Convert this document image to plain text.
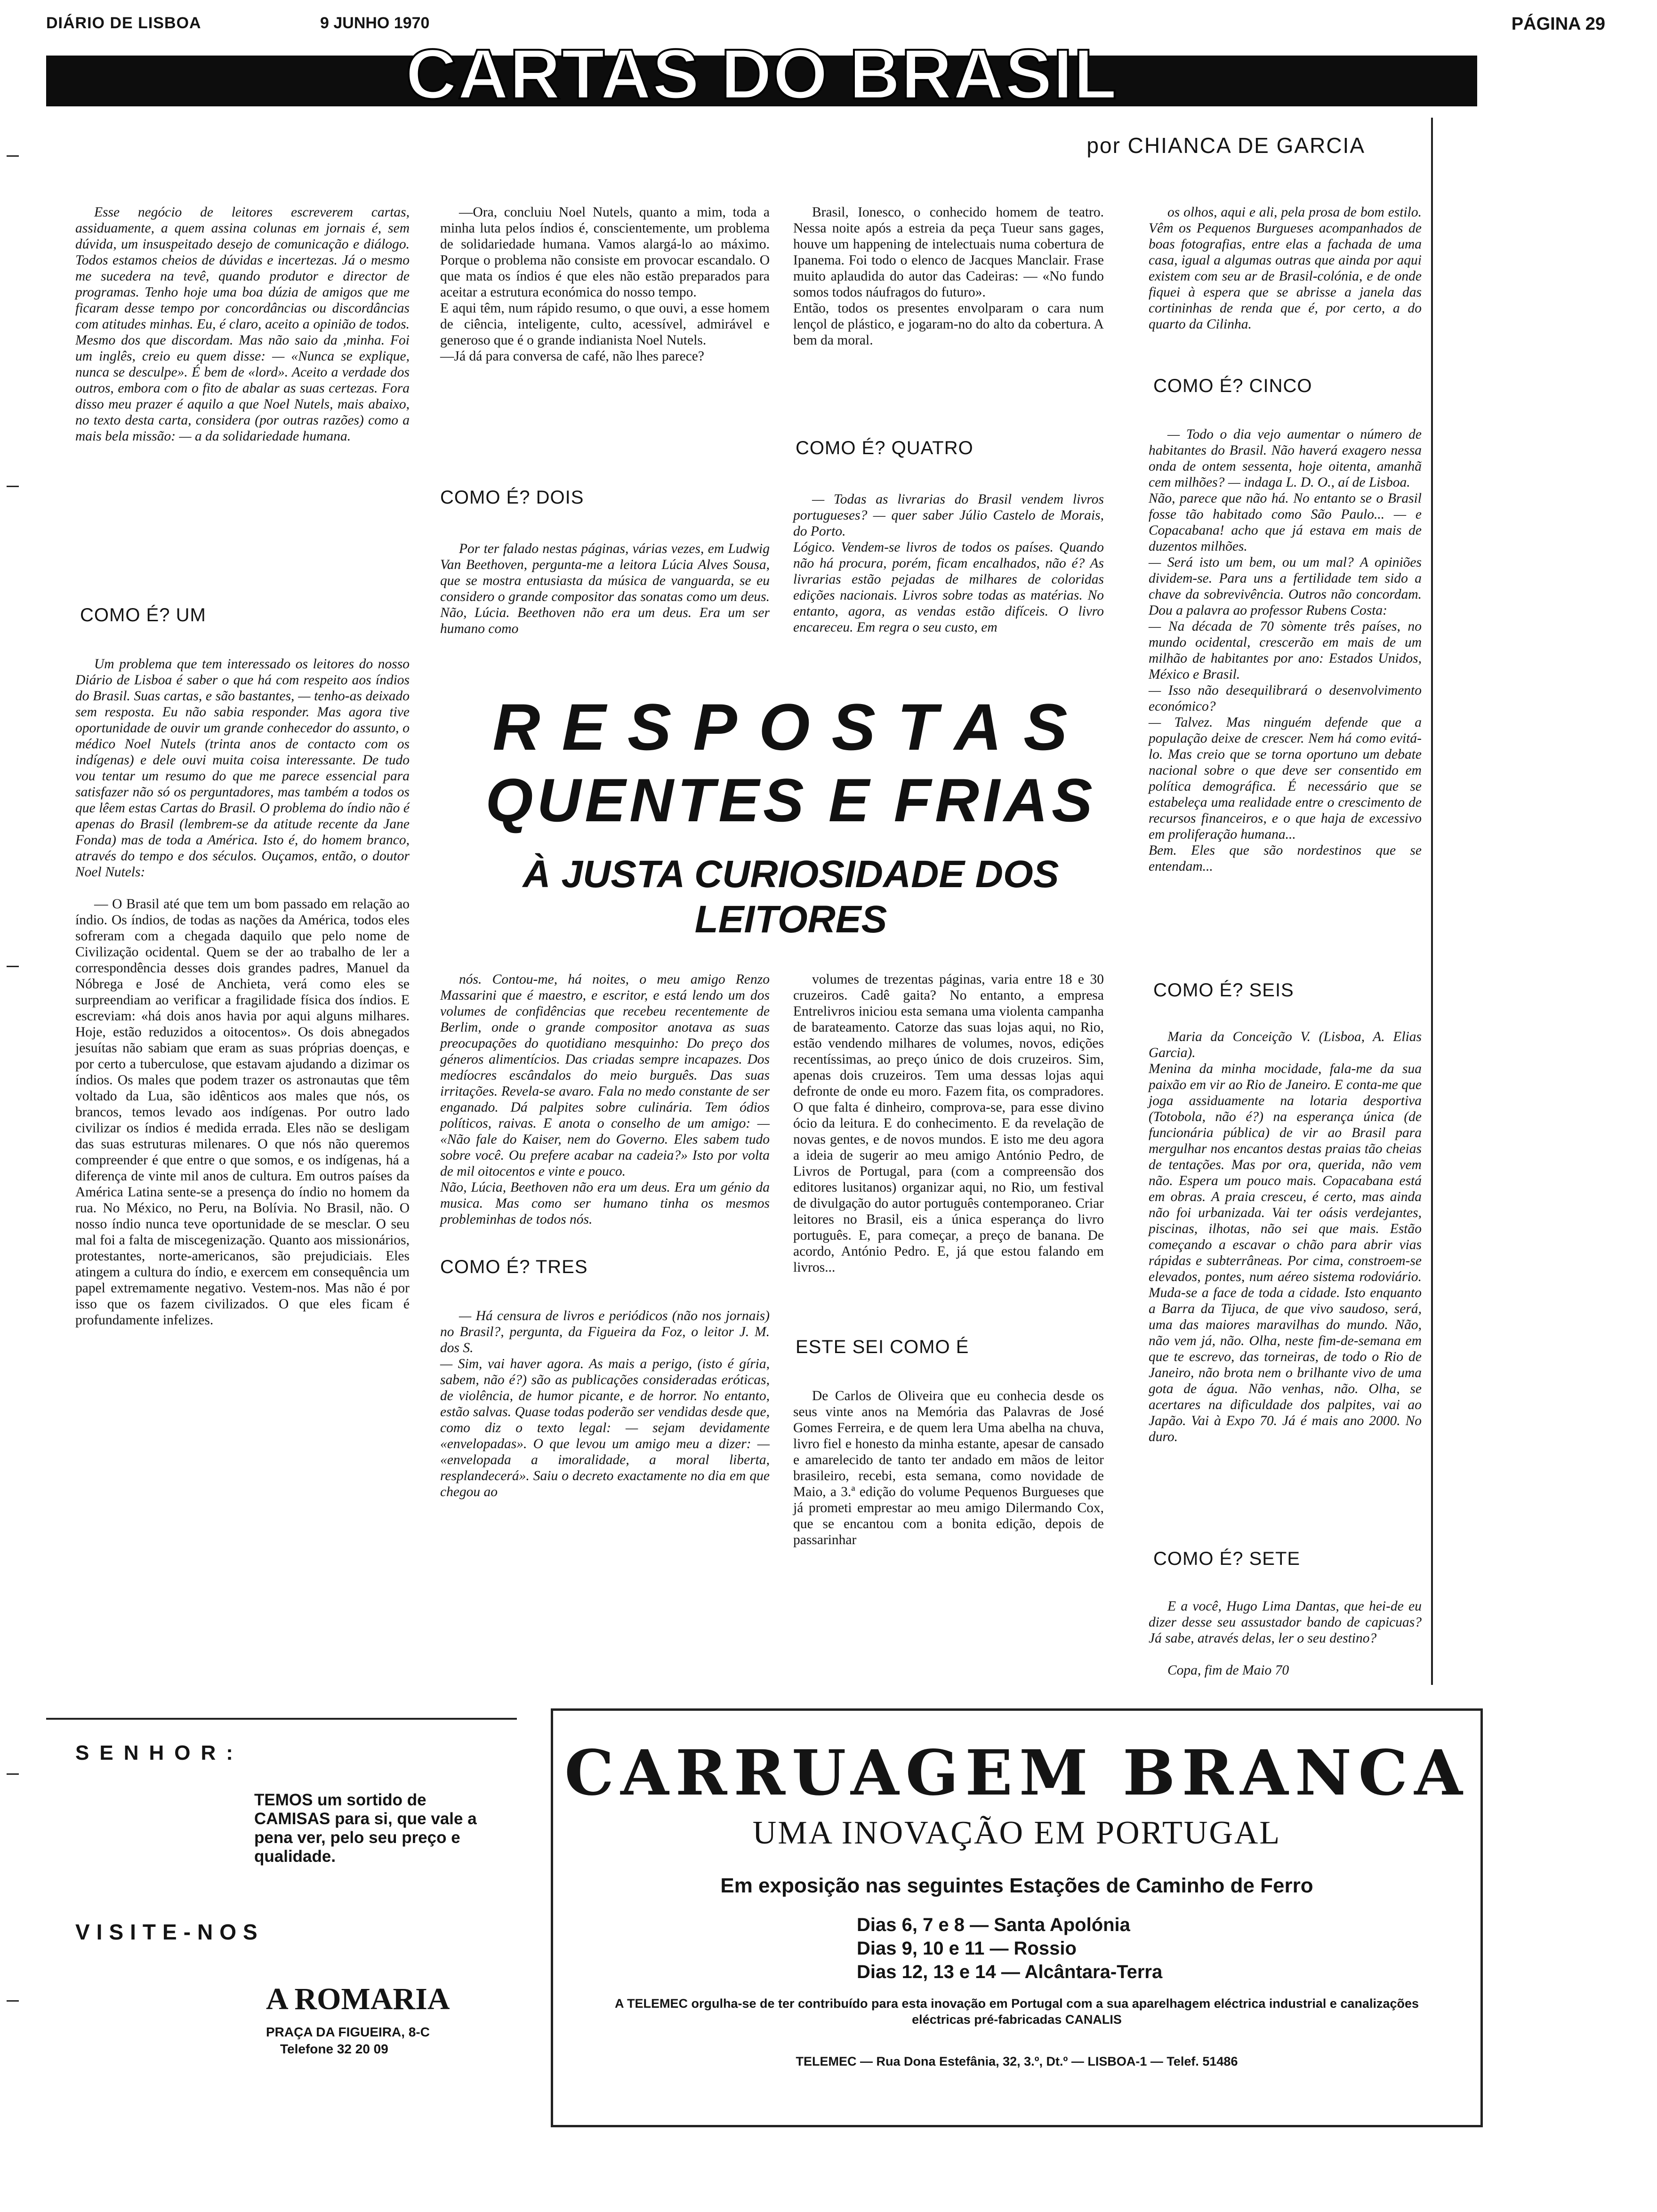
DIÁRIO DE LISBOA	9 JUNHO 1970	PÁGINA 29
CARTAS DO BRASIL
por CHIANCA DE GARCIA

Esse negócio de leitores escreverem cartas, assiduamente, a quem assina colunas em jornais é, sem dúvida, um insuspeitado desejo de comunicação e diálogo. Todos estamos cheios de dúvidas e incertezas. Já o mesmo me sucedera na tevê, quando produtor e director de programas. Tenho hoje uma boa dúzia de amigos que me ficaram desse tempo por concordâncias ou discordâncias com atitudes minhas. Eu, é claro, aceito a opinião de todos. Mesmo dos que discordam. Mas não saio da ,minha. Foi um inglês, creio eu quem disse: — «Nunca se explique, nunca se desculpe». É bem de «lord». Aceito a verdade dos outros, embora com o fito de abalar as suas certezas. Fora disso meu prazer é aquilo a que Noel Nutels, mais abaixo, no texto desta carta, considera (por outras razões) como a mais bela missão: — a da solidariedade humana.

COMO É? UM

Um problema que tem interessado os leitores do nosso Diário de Lisboa é saber o que há com respeito aos índios do Brasil. Suas cartas, e são bastantes, — tenho-as deixado sem resposta. Eu não sabia responder. Mas agora tive oportunidade de ouvir um grande conhecedor do assunto, o médico Noel Nutels (trinta anos de contacto com os indígenas) e dele ouvi muita coisa interessante. De tudo vou tentar um resumo do que me parece essencial para satisfazer não só os perguntadores, mas também a todos os que lêem estas Cartas do Brasil. O problema do índio não é apenas do Brasil (lembrem-se da atitude recente da Jane Fonda) mas de toda a América. Isto é, do homem branco, através do tempo e dos séculos. Ouçamos, então, o doutor Noel Nutels:

— O Brasil até que tem um bom passado em relação ao índio. Os índios, de todas as nações da América, todos eles sofreram com a chegada daquilo que pelo nome de Civilização ocidental. Quem se der ao trabalho de ler a correspondência desses dois grandes padres, Manuel da Nóbrega e José de Anchieta, verá como eles se surpreendiam ao verificar a fragilidade física dos índios. E escreviam: «há dois anos havia por aqui alguns milhares. Hoje, estão reduzidos a oitocentos». Os dois abnegados jesuítas não sabiam que eram as suas próprias doenças, e por certo a tuberculose, que estavam ajudando a dizimar os índios. Os males que podem trazer os astronautas que têm voltado da Lua, são idênticos aos males que nós, os brancos, temos levado aos indígenas. Por outro lado civilizar os índios é medida errada. Eles não se desligam das suas estruturas milenares. O que nós não queremos compreender é que entre o que somos, e os indígenas, há a diferença de vinte mil anos de cultura. Em outros países da América Latina sente-se a presença do índio no homem da rua. No México, no Peru, na Bolívia. No Brasil, não. O nosso índio nunca teve oportunidade de se mesclar. O seu mal foi a falta de miscegenização. Quanto aos missionários, protestantes, norte-americanos, são prejudiciais. Eles atingem a cultura do índio, e exercem em consequência um papel extremamente negativo. Vestem-nos. Mas não é por isso que os fazem civilizados. O que eles ficam é profundamente infelizes.

—Ora, concluiu Noel Nutels, quanto a mim, toda a minha luta pelos índios é, conscientemente, um problema de solidariedade humana. Vamos alargá-lo ao máximo. Porque o problema não consiste em provocar escandalo. O que mata os índios é que eles não estão preparados para aceitar a estrutura económica do nosso tempo.
E aqui têm, num rápido resumo, o que ouvi, a esse homem de ciência, inteligente, culto, acessível, admirável e generoso que é o grande indianista Noel Nutels.
—Já dá para conversa de café, não lhes parece?

COMO É? DOIS

Por ter falado nestas páginas, várias vezes, em Ludwig Van Beethoven, pergunta-me a leitora Lúcia Alves Sousa, que se mostra entusiasta da música de vanguarda, se eu considero o grande compositor das sonatas como um deus. Não, Lúcia. Beethoven não era um deus. Era um ser humano como

Brasil, Ionesco, o conhecido homem de teatro. Nessa noite após a estreia da peça Tueur sans gages, houve um happening de intelectuais numa cobertura de Ipanema. Foi todo o elenco de Jacques Manclair. Frase muito aplaudida do autor das Cadeiras: — «No fundo somos todos náufragos do futuro».
Então, todos os presentes envolparam o cara num lençol de plástico, e jogaram-no do alto da cobertura. A bem da moral.

COMO É? QUATRO

— Todas as livrarias do Brasil vendem livros portugueses? — quer saber Júlio Castelo de Morais, do Porto.
Lógico. Vendem-se livros de todos os países. Quando não há procura, porém, ficam encalhados, não é? As livrarias estão pejadas de milhares de coloridas edições nacionais. Livros sobre todas as matérias. No entanto, agora, as vendas estão difíceis. O livro encareceu. Em regra o seu custo, em

os olhos, aqui e ali, pela prosa de bom estilo. Vêm os Pequenos Burgueses acompanhados de boas fotografias, entre elas a fachada de uma casa, igual a algumas outras que ainda por aqui existem com seu ar de Brasil-colónia, e de onde fiquei à espera que se abrisse a janela das cortininhas de renda que é, por certo, a do quarto da Cilinha.

COMO É? CINCO

— Todo o dia vejo aumentar o número de habitantes do Brasil. Não haverá exagero nessa onda de ontem sessenta, hoje oitenta, amanhã cem milhões? — indaga L. D. O., aí de Lisboa.
Não, parece que não há. No entanto se o Brasil fosse tão habitado como São Paulo... — e Copacabana! acho que já estava em mais de duzentos milhões.
— Será isto um bem, ou um mal? A opiniões dividem-se. Para uns a fertilidade tem sido a chave da sobrevivência. Outros não concordam. Dou a palavra ao professor Rubens Costa:
— Na década de 70 sòmente três países, no mundo ocidental, crescerão em mais de um milhão de habitantes por ano: Estados Unidos, México e Brasil.
— Isso não desequilibrará o desenvolvimento económico?
— Talvez. Mas ninguém defende que a população deixe de crescer. Nem há como evitá-lo. Mas creio que se torna oportuno um debate nacional sobre o que deve ser consentido em política demográfica. É necessário que se estabeleça uma realidade entre o crescimento de recursos financeiros, e o que haja de excessivo em proliferação humana...
Bem. Eles que são nordestinos que se entendam...

COMO É? SEIS

Maria da Conceição V. (Lisboa, A. Elias Garcia).
Menina da minha mocidade, fala-me da sua paixão em vir ao Rio de Janeiro. E conta-me que joga assiduamente na lotaria desportiva (Totobola, não é?) na esperança única (de funcionária pública) de vir ao Brasil para mergulhar nos encantos destas praias tão cheias de tentações. Mas por ora, querida, não vem não. Espera um pouco mais. Copacabana está em obras. A praia cresceu, é certo, mas ainda não foi urbanizada. Vai ter oásis verdejantes, piscinas, ilhotas, não sei que mais. Estão começando a escavar o chão para abrir vias rápidas e subterrâneas. Por cima, constroem-se elevados, pontes, num aéreo sistema rodoviário. Muda-se a face de toda a cidade. Isto enquanto a Barra da Tijuca, de que vivo saudoso, será, uma das maiores maravilhas do mundo. Não, não vem já, não. Olha, neste fim-de-semana em que te escrevo, das torneiras, de todo o Rio de Janeiro, não brota nem o brilhante vivo de uma gota de água. Não venhas, não. Olha, se acertares na dificuldade dos palpites, vai ao Japão. Vai à Expo 70. Já é mais ano 2000. No duro.

COMO É? SETE

E a você, Hugo Lima Dantas, que hei-de eu dizer desse seu assustador bando de capicuas? Já sabe, através delas, ler o seu destino?

Copa, fim de Maio 70

RESPOSTAS
QUENTES E FRIAS
À JUSTA CURIOSIDADE DOS LEITORES

nós. Contou-me, há noites, o meu amigo Renzo Massarini que é maestro, e escritor, e está lendo um dos volumes de confidências que recebeu recentemente de Berlim, onde o grande compositor anotava as suas preocupações do quotidiano mesquinho: Do preço dos géneros alimentícios. Das criadas sempre incapazes. Dos medíocres escândalos do meio burguês. Das suas irritações. Revela-se avaro. Fala no medo constante de ser enganado. Dá palpites sobre culinária. Tem ódios políticos, raivas. E anota o conselho de um amigo: — «Não fale do Kaiser, nem do Governo. Eles sabem tudo sobre você. Ou prefere acabar na cadeia?» Isto por volta de mil oitocentos e vinte e pouco.
Não, Lúcia, Beethoven não era um deus. Era um génio da musica. Mas como ser humano tinha os mesmos probleminhas de todos nós.

COMO É? TRES

— Há censura de livros e periódicos (não nos jornais) no Brasil?, pergunta, da Figueira da Foz, o leitor J. M. dos S.
— Sim, vai haver agora. As mais a perigo, (isto é gíria, sabem, não é?) são as publicações consideradas eróticas, de violência, de humor picante, e de horror. No entanto, estão salvas. Quase todas poderão ser vendidas desde que, como diz o texto legal: — sejam devidamente «envelopadas». O que levou um amigo meu a dizer: — «envelopada a imoralidade, a moral liberta, resplandecerá». Saiu o decreto exactamente no dia em que chegou ao

volumes de trezentas páginas, varia entre 18 e 30 cruzeiros. Cadê gaita? No entanto, a empresa Entrelivros iniciou esta semana uma violenta campanha de barateamento. Catorze das suas lojas aqui, no Rio, estão vendendo milhares de volumes, novos, edições recentíssimas, ao preço único de dois cruzeiros. Sim, apenas dois cruzeiros. Tem uma dessas lojas aqui defronte de onde eu moro. Fazem fita, os compradores. O que falta é dinheiro, comprova-se, para esse divino ócio da leitura. E do conhecimento. E da revelação de novas gentes, e de novos mundos. E isto me deu agora a ideia de sugerir ao meu amigo António Pedro, de Livros de Portugal, para (com a compreensão dos editores lusitanos) organizar aqui, no Rio, um festival de divulgação do autor português contemporaneo. Criar leitores no Brasil, eis a única esperança do livro português. E, para começar, a preço de banana. De acordo, António Pedro. E, já que estou falando em livros...

ESTE SEI COMO É

De Carlos de Oliveira que eu conhecia desde os seus vinte anos na Memória das Palavras de José Gomes Ferreira, e de quem lera Uma abelha na chuva, livro fiel e honesto da minha estante, apesar de cansado e amarelecido de tanto ter andado em mãos de leitor brasileiro, recebi, esta semana, como novidade de Maio, a 3.ª edição do volume Pequenos Burgueses que já prometi emprestar ao meu amigo Dilermando Cox, que se encantou com a bonita edição, depois de passarinhar

SENHOR:
TEMOS um sortido de CAMISAS para si, que vale a pena ver, pelo seu preço e qualidade.
VISITE-NOS
A ROMARIA
PRAÇA DA FIGUEIRA, 8-C
Telefone 32 20 09
CARRUAGEM BRANCA
UMA INOVAÇÃO EM PORTUGAL
Em exposição nas seguintes Estações de Caminho de Ferro
Dias 6, 7 e 8 — Santa Apolónia
Dias 9, 10 e 11 — Rossio
Dias 12, 13 e 14 — Alcântara-Terra
A TELEMEC orgulha-se de ter contribuído para esta inovação em Portugal com a sua aparelhagem eléctrica industrial e canalizações eléctricas pré-fabricadas CANALIS
TELEMEC — Rua Dona Estefânia, 32, 3.º, Dt.º — LISBOA-1 — Telef. 51486
